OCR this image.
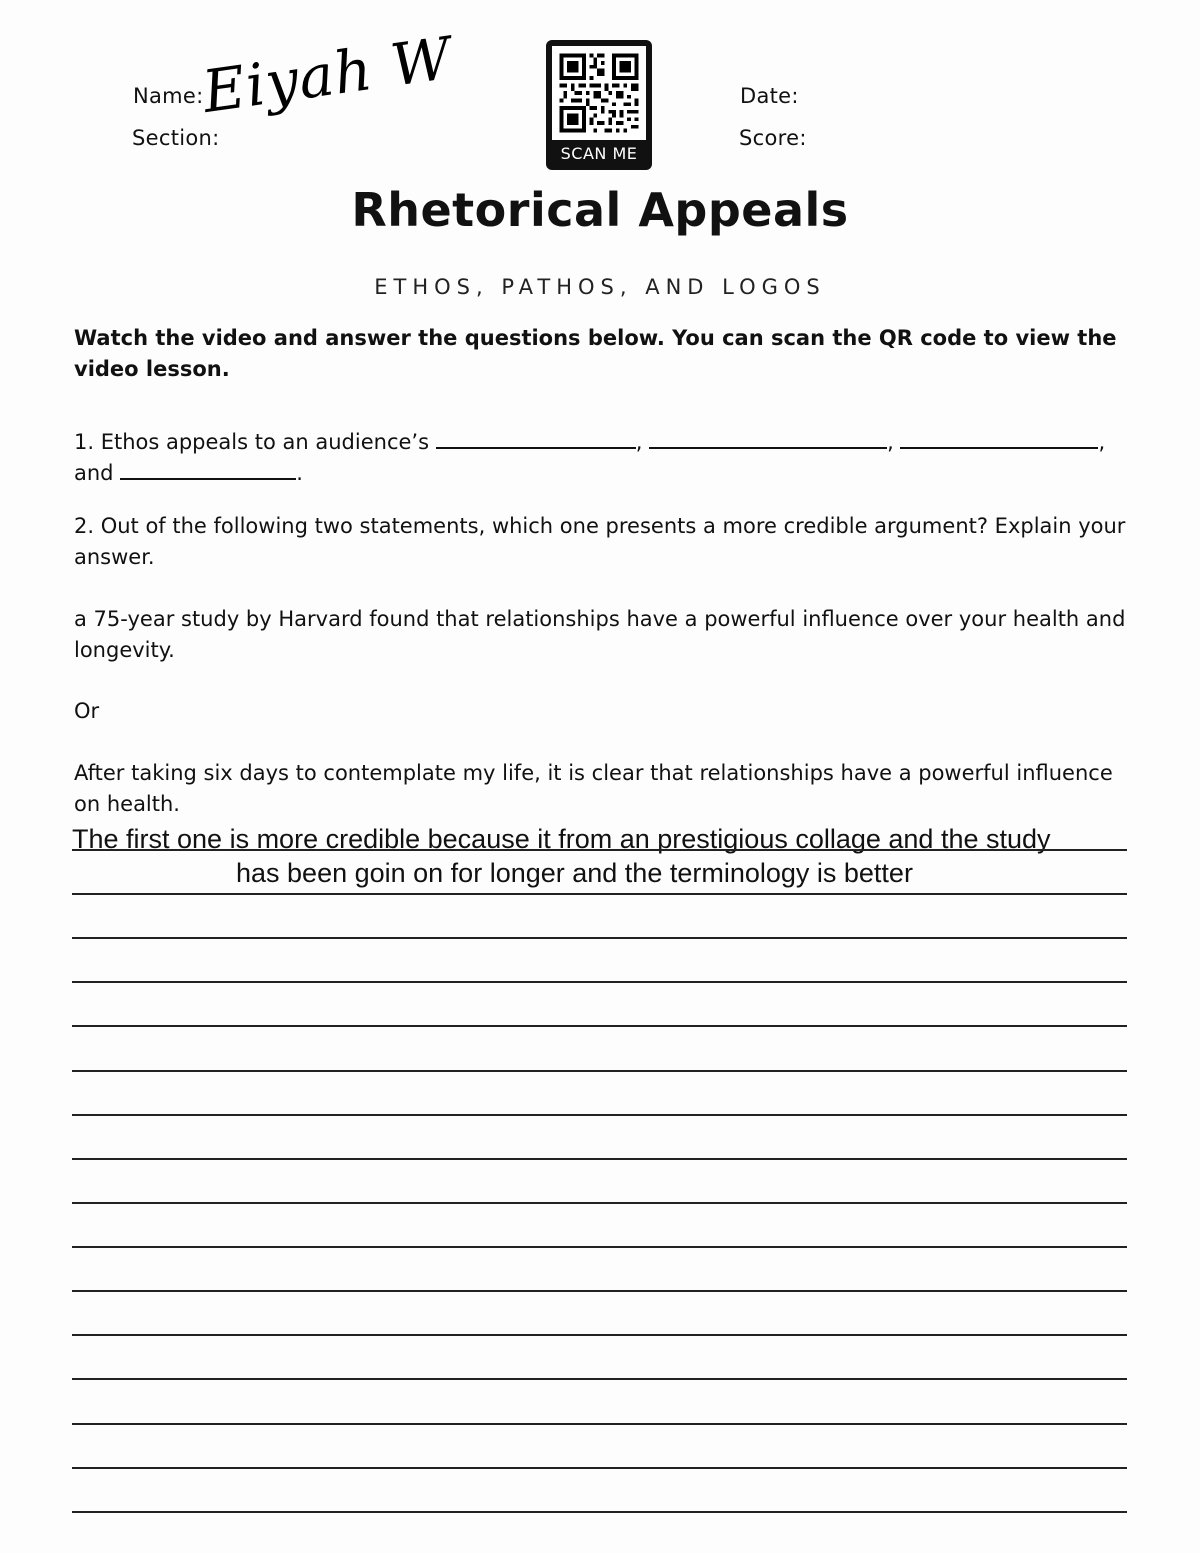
Name:
Section:
Date:
Score:
Eiyah W
SCAN ME
Rhetorical Appeals
ETHOS, PATHOS, AND LOGOS
Watch the video and answer the questions below. You can scan the QR code to view the video lesson.
1. Ethos appeals to an audience’s	,	,	,
and	.
2. Out of the following two statements, which one presents a more credible argument? Explain your answer.
a 75-year study by Harvard found that relationships have a powerful influence over your health and longevity.
Or
After taking six days to contemplate my life, it is clear that relationships have a powerful influence on health.
The first one is more credible because it from an prestigious collage and the study
has been goin on for longer and the terminology is better
